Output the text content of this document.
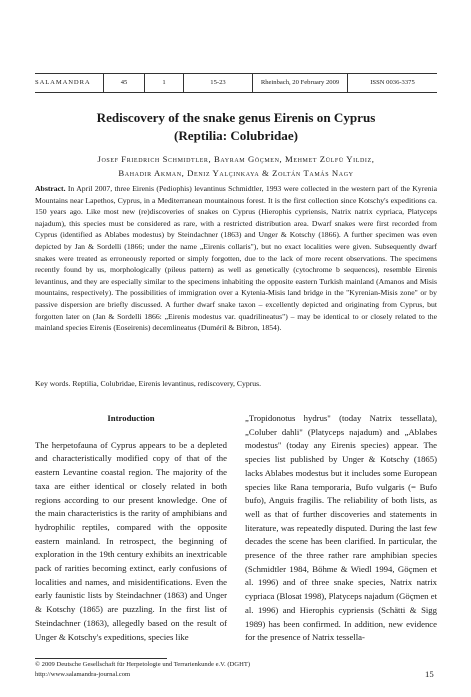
SALAMANDRA	45	1	15-23	Rheinbach, 20 February 2009	ISSN 0036-3375
Rediscovery of the snake genus Eirenis on Cyprus
(Reptilia: Colubridae)
Josef Friedrich Schmidtler, Bayram Göçmen, Mehmet Zülfü Yildiz,
Bahadir Akman, Deniz Yalçinkaya & Zoltán Tamás Nagy

Abstract. In April 2007, three Eirenis (Pediophis) levantinus Schmidtler, 1993 were collected in the western part of the Kyrenia Mountains near Lapethos, Cyprus, in a Mediterranean mountainous forest. It is the first collection since Kotschy's expeditions ca. 150 years ago. Like most new (re)discoveries of snakes on Cyprus (Hierophis cypriensis, Natrix natrix cypriaca, Platyceps najadum), this species must be considered as rare, with a restricted distribution area. Dwarf snakes were first recorded from Cyprus (identified as Ablabes modestus) by Steindachner (1863) and Unger & Kotschy (1866). A further specimen was even depicted by Jan & Sordelli (1866; under the name „Eirenis collaris"), but no exact localities were given. Subsequently dwarf snakes were treated as erroneously reported or simply forgotten, due to the lack of more recent observations. The specimens recently found by us, morphologically (pileus pattern) as well as genetically (cytochrome b sequences), resemble Eirenis levantinus, and they are especially similar to the specimens inhabiting the opposite eastern Turkish mainland (Amanos and Misis mountains, respectively). The possibilities of immigration over a Kytenia-Misis land bridge in the "Kyrenian-Misis zone" or by passive dispersion are briefly discussed. A further dwarf snake taxon – excellently depicted and originating from Cyprus, but forgotten later on (Jan & Sordelli 1866: „Eirenis modestus var. quadrilineatus") – may be identical to or closely related to the mainland species Eirenis (Eoseirenis) decemlineatus (Duméril & Bibron, 1854).

Key words. Reptilia, Colubridae, Eirenis levantinus, rediscovery, Cyprus.

Introduction

The herpetofauna of Cyprus appears to be a depleted and characteristically modified copy of that of the eastern Levantine coastal region. The majority of the taxa are either identical or closely related in both regions according to our present knowledge. One of the main characteristics is the rarity of amphibians and hydrophilic reptiles, compared with the opposite eastern mainland. In retrospect, the beginning of exploration in the 19th century exhibits an inextricable pack of rarities becoming extinct, early confusions of localities and names, and misidentifications. Even the early faunistic lists by Steindachner (1863) and Unger & Kotschy (1865) are puzzling. In the first list of Steindachner (1863), allegedly based on the result of Unger & Kotschy's expeditions, species like

„Tropidonotus hydrus" (today Natrix tessellata), „Coluber dahli" (Platyceps najadum) and „Ablabes modestus" (today any Eirenis species) appear. The species list published by Unger & Kotschy (1865) lacks Ablabes modestus but it includes some European species like Rana temporaria, Bufo vulgaris (= Bufo bufo), Anguis fragilis. The reliability of both lists, as well as that of further discoveries and statements in literature, was repeatedly disputed. During the last few decades the scene has been clarified. In particular, the presence of the three rather rare amphibian species (Schmidtler 1984, Böhme & Wiedl 1994, Göçmen et al. 1996) and of three snake species, Natrix natrix cypriaca (Blosat 1998), Platyceps najadum (Göçmen et al. 1996) and Hierophis cypriensis (Schätti & Sigg 1989) has been confirmed. In addition, new evidence for the presence of Natrix tessella-

© 2009 Deutsche Gesellschaft für Herpetologie und Terrarienkunde e.V. (DGHT)
http://www.salamandra-journal.com	15
